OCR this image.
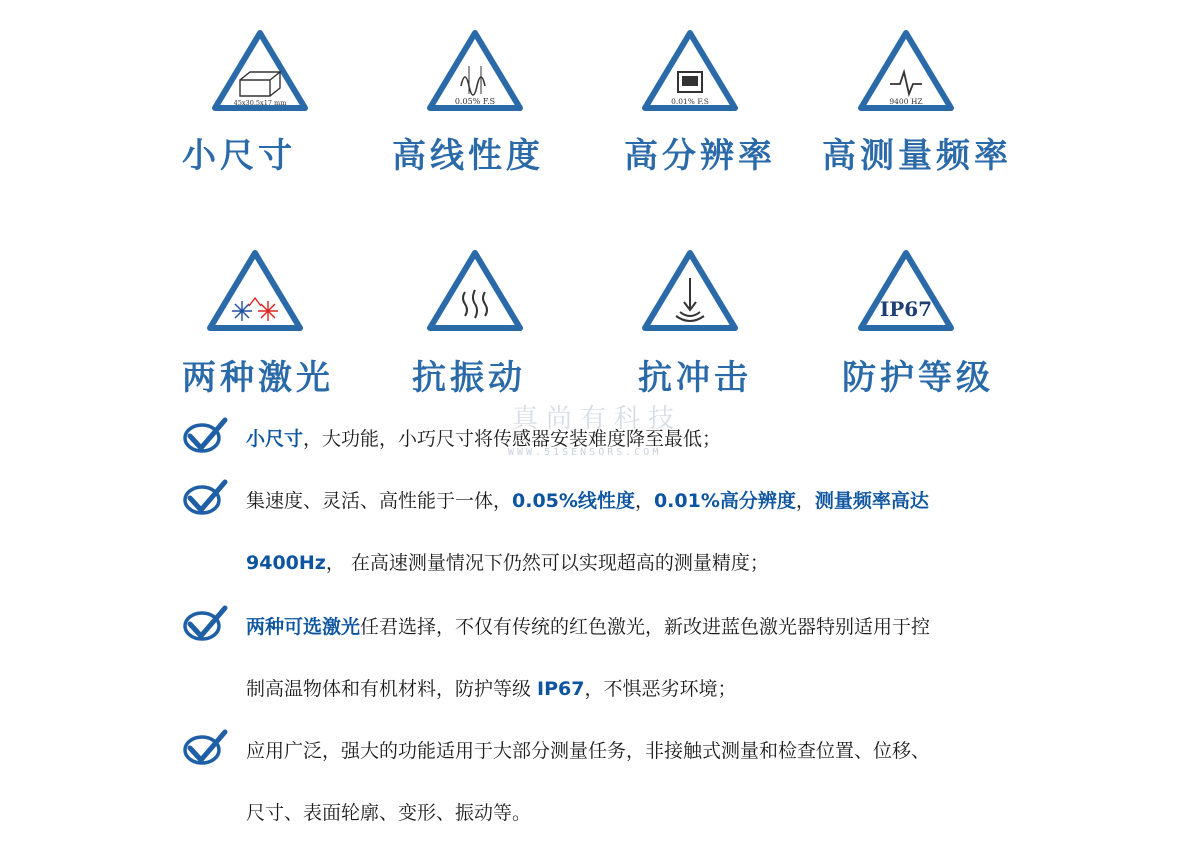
45x30.5x17 mm	0.05% F.S	0.01% F.S	9400 HZ
小尺寸	高线性度 高分辨率 高测量频率
IP67
两种激光 抗振动	抗冲击	防护等级
真尚有科技
WWW.51SENSORS.COM
小尺寸，大功能，小巧尺寸将传感器安装难度降至最低；
集速度、灵活、高性能于一体，0.05%线性度，0.01%高分辨度，测量频率高达
9400Hz， 在高速测量情况下仍然可以实现超高的测量精度；
两种可选激光任君选择，不仅有传统的红色激光，新改进蓝色激光器特别适用于控
制高温物体和有机材料，防护等级 IP67，不惧恶劣环境；
应用广泛，强大的功能适用于大部分测量任务，非接触式测量和检查位置、位移、
尺寸、表面轮廓、变形、振动等。
